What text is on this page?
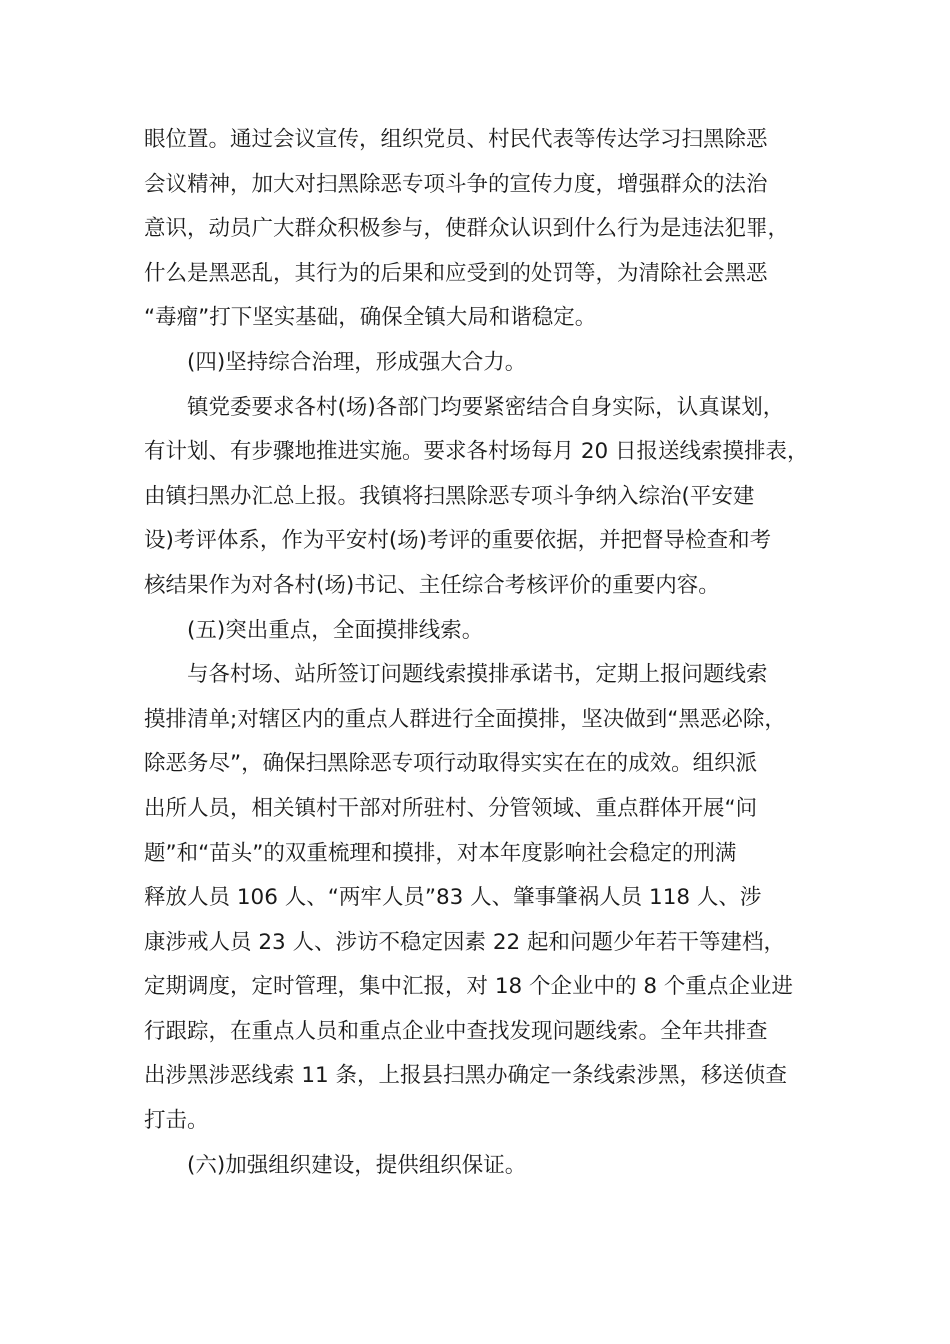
眼位置。通过会议宣传，组织党员、村民代表等传达学习扫黑除恶
会议精神，加大对扫黑除恶专项斗争的宣传力度，增强群众的法治
意识，动员广大群众积极参与，使群众认识到什么行为是违法犯罪，
什么是黑恶乱，其行为的后果和应受到的处罚等，为清除社会黑恶
“毒瘤”打下坚实基础，确保全镇大局和谐稳定。

(四)坚持综合治理，形成强大合力。

镇党委要求各村(场)各部门均要紧密结合自身实际，认真谋划，
有计划、有步骤地推进实施。要求各村场每月 20 日报送线索摸排表，
由镇扫黑办汇总上报。我镇将扫黑除恶专项斗争纳入综治(平安建
设)考评体系，作为平安村(场)考评的重要依据，并把督导检查和考
核结果作为对各村(场)书记、主任综合考核评价的重要内容。

(五)突出重点，全面摸排线索。

与各村场、站所签订问题线索摸排承诺书，定期上报问题线索
摸排清单;对辖区内的重点人群进行全面摸排，坚决做到“黑恶必除，
除恶务尽”，确保扫黑除恶专项行动取得实实在在的成效。组织派
出所人员，相关镇村干部对所驻村、分管领域、重点群体开展“问
题”和“苗头”的双重梳理和摸排，对本年度影响社会稳定的刑满
释放人员 106 人、“两牢人员”83 人、肇事肇祸人员 118 人、涉
康涉戒人员 23 人、涉访不稳定因素 22 起和问题少年若干等建档，
定期调度，定时管理，集中汇报，对 18 个企业中的 8 个重点企业进
行跟踪，在重点人员和重点企业中查找发现问题线索。全年共排查
出涉黑涉恶线索 11 条，上报县扫黑办确定一条线索涉黑，移送侦查
打击。

(六)加强组织建设，提供组织保证。
